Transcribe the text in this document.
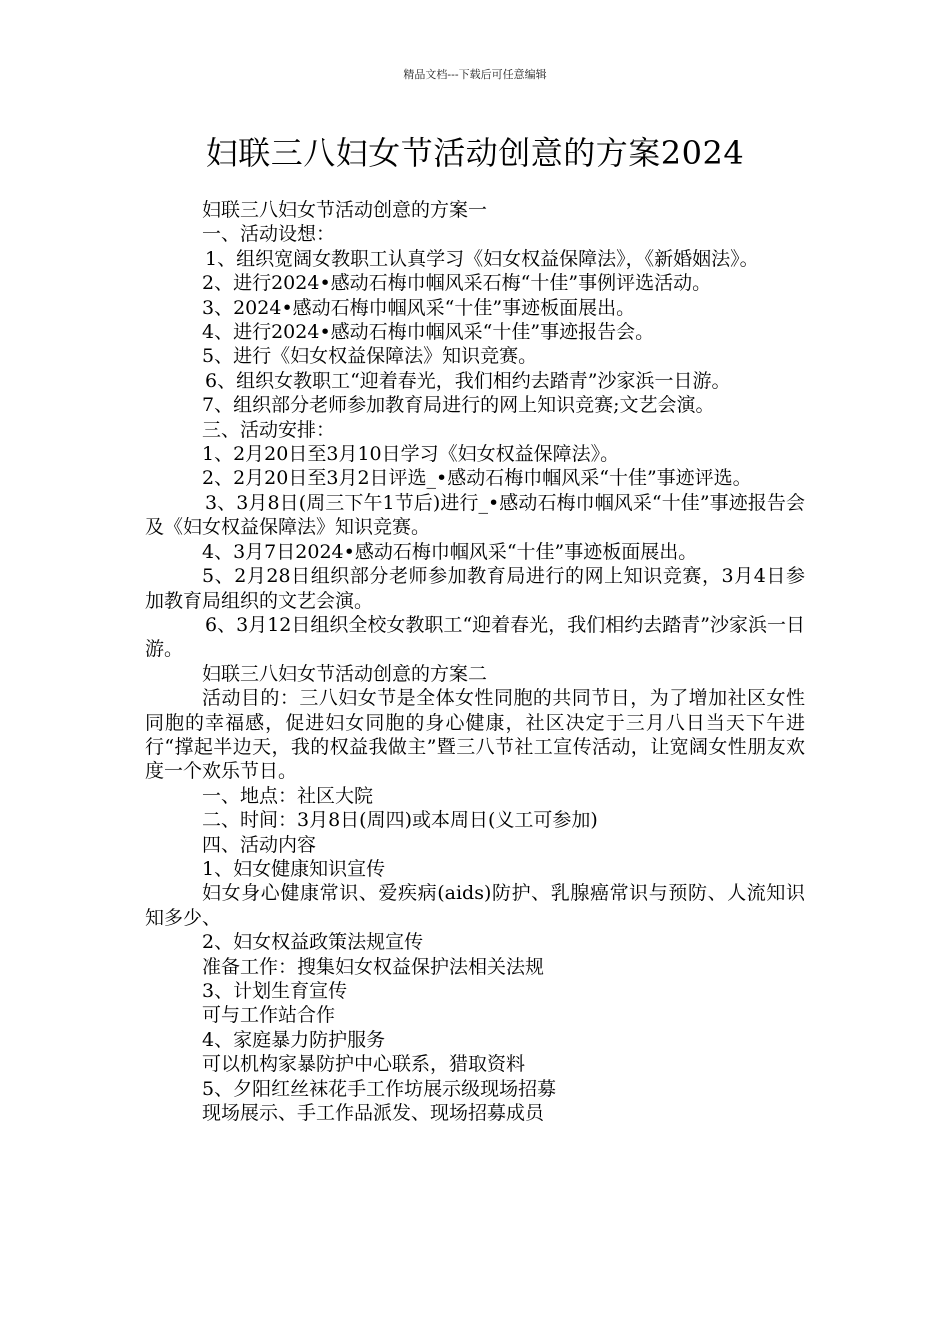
精品文档---下载后可任意编辑
妇联三八妇女节活动创意的方案2024

妇联三八妇女节活动创意的方案一

一、活动设想：

1、组织宽阔女教职工认真学习《妇女权益保障法》，《新婚姻法》。

2、进行2024•感动石梅巾帼风采石梅“十佳”事例评选活动。

3、2024•感动石梅巾帼风采“十佳”事迹板面展出。

4、进行2024•感动石梅巾帼风采“十佳”事迹报告会。

5、进行《妇女权益保障法》知识竞赛。

6、组织女教职工“迎着春光，我们相约去踏青”沙家浜一日游。

7、组织部分老师参加教育局进行的网上知识竞赛;文艺会演。

三、活动安排：

1、2月20日至3月10日学习《妇女权益保障法》。

2、2月20日至3月2日评选_•感动石梅巾帼风采“十佳”事迹评选。

3、3月8日(周三下午1节后)进行_•感动石梅巾帼风采“十佳”事迹报告会及《妇女权益保障法》知识竞赛。

4、3月7日2024•感动石梅巾帼风采“十佳”事迹板面展出。

5、2月28日组织部分老师参加教育局进行的网上知识竞赛，3月4日参加教育局组织的文艺会演。

6、3月12日组织全校女教职工“迎着春光，我们相约去踏青”沙家浜一日游。

妇联三八妇女节活动创意的方案二

活动目的：三八妇女节是全体女性同胞的共同节日，为了增加社区女性同胞的幸福感，促进妇女同胞的身心健康，社区决定于三月八日当天下午进行“撑起半边天，我的权益我做主”暨三八节社工宣传活动，让宽阔女性朋友欢度一个欢乐节日。

一、地点：社区大院

二、时间：3月8日(周四)或本周日(义工可参加)

四、活动内容

1、妇女健康知识宣传

妇女身心健康常识、爱疾病(aids)防护、乳腺癌常识与预防、人流知识知多少、

2、妇女权益政策法规宣传

准备工作：搜集妇女权益保护法相关法规

3、计划生育宣传

可与工作站合作

4、家庭暴力防护服务

可以机构家暴防护中心联系，猎取资料

5、夕阳红丝袜花手工作坊展示级现场招募

现场展示、手工作品派发、现场招募成员
